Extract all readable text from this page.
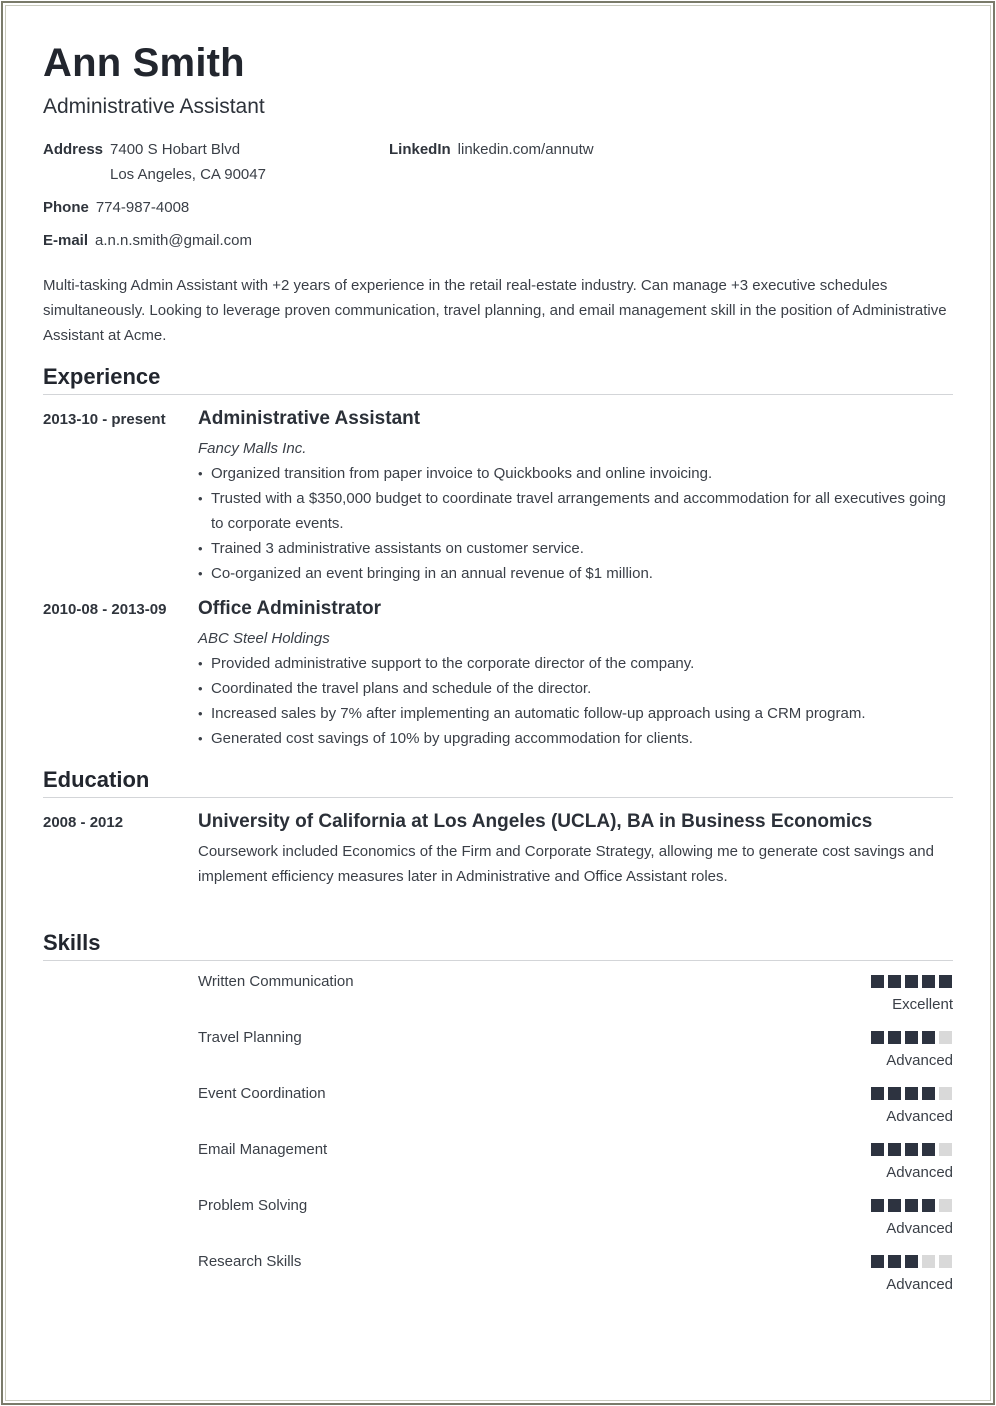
Ann Smith
Administrative Assistant
Address 7400 S Hobart Blvd
Los Angeles, CA 90047
LinkedIn linkedin.com/annutw
Phone 774-987-4008
E-mail a.n.n.smith@gmail.com
Multi-tasking Admin Assistant with +2 years of experience in the retail real-estate industry. Can manage +3 executive schedules simultaneously. Looking to leverage proven communication, travel planning, and email management skill in the position of Administrative Assistant at Acme.
Experience
2013-10 - present Administrative Assistant
Fancy Malls Inc.
• Organized transition from paper invoice to Quickbooks and online invoicing.
• Trusted with a $350,000 budget to coordinate travel arrangements and accommodation for all executives going to corporate events.
• Trained 3 administrative assistants on customer service.
• Co-organized an event bringing in an annual revenue of $1 million.
2010-08 - 2013-09 Office Administrator
ABC Steel Holdings
• Provided administrative support to the corporate director of the company.
• Coordinated the travel plans and schedule of the director.
• Increased sales by 7% after implementing an automatic follow-up approach using a CRM program.
• Generated cost savings of 10% by upgrading accommodation for clients.
Education
2008 - 2012	University of California at Los Angeles (UCLA), BA in Business Economics
Coursework included Economics of the Firm and Corporate Strategy, allowing me to generate cost savings and implement efficiency measures later in Administrative and Office Assistant roles.
Skills
Written Communication
Excellent
Travel Planning
Advanced
Event Coordination
Advanced
Email Management
Advanced
Problem Solving
Advanced
Research Skills
Advanced
